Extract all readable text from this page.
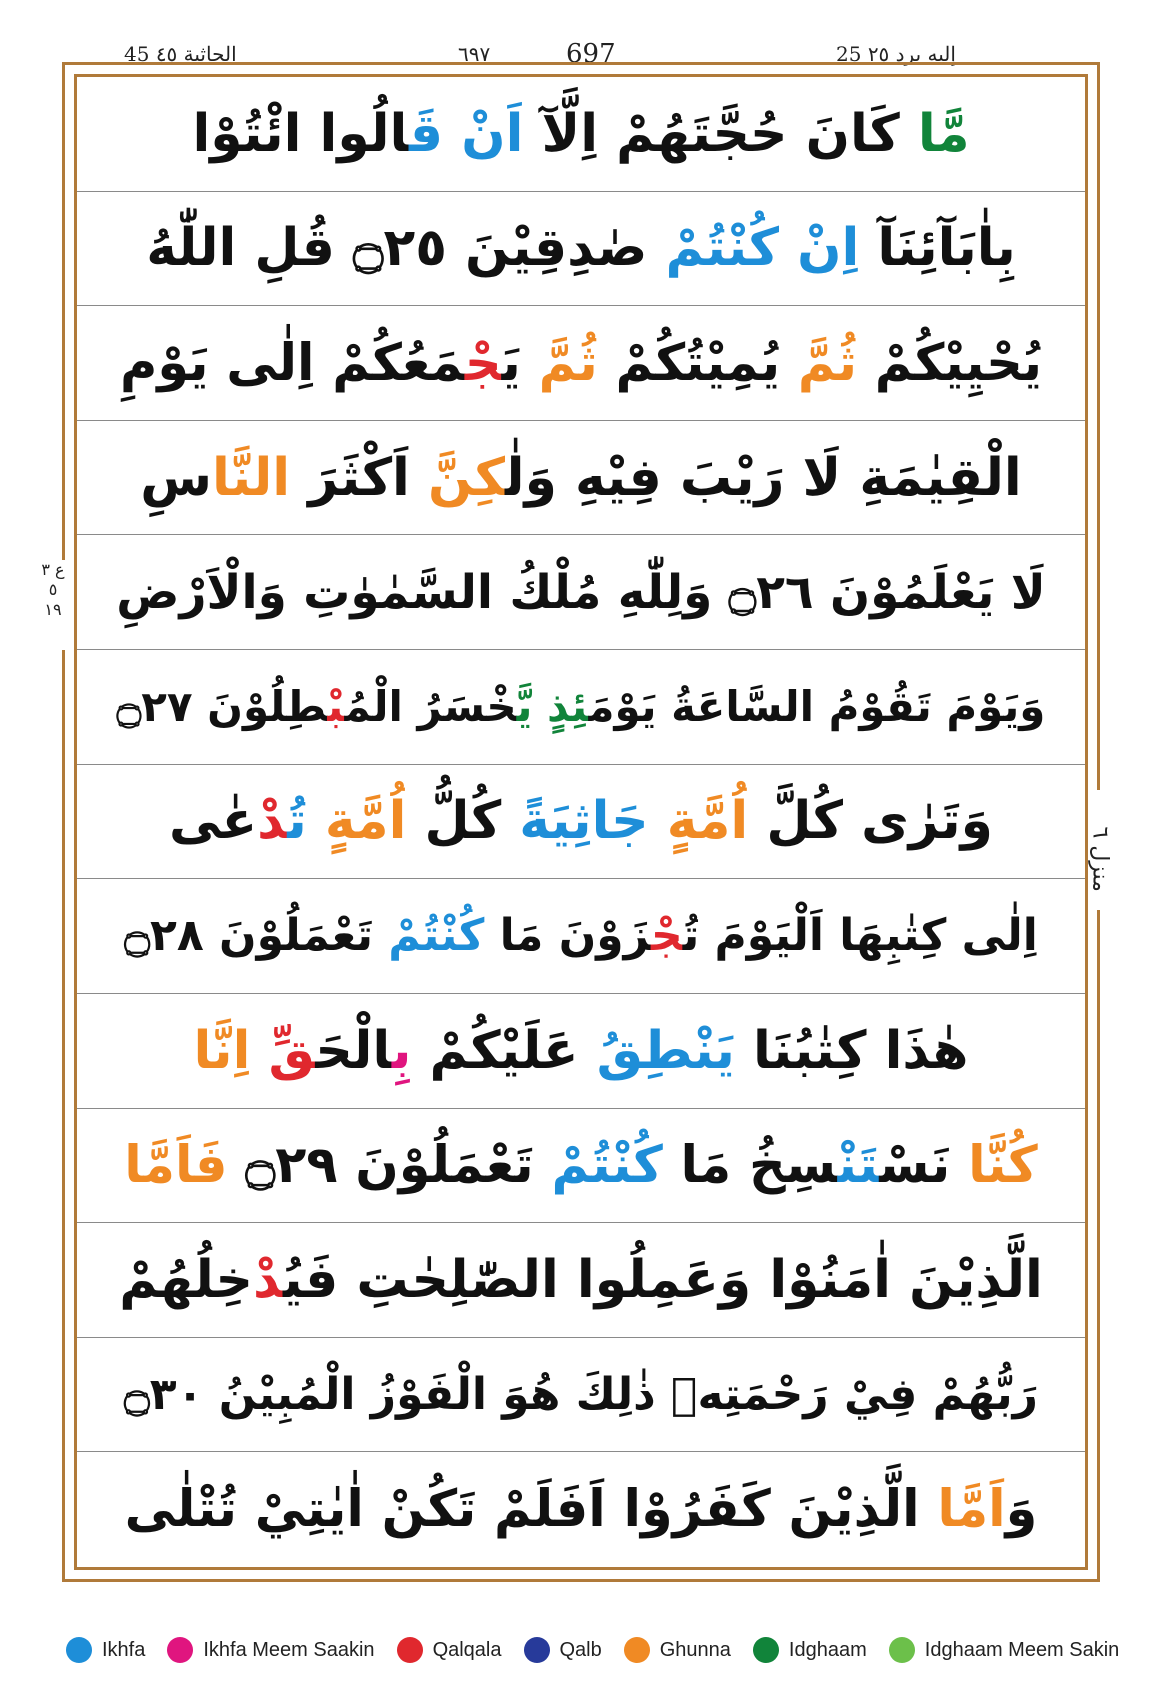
45 الجاثية ٤٥	٦٩٧	697	25 إليه يرد ٢٥
مَّا كَانَ حُجَّتَهُمْ اِلَّآ اَنْ قَالُوا ائْتُوْا
بِاٰبَآئِنَآ اِنْ كُنْتُمْ صٰدِقِيْنَ ۝٢٥ قُلِ اللّٰهُ
يُحْيِيْكُمْ ثُمَّ يُمِيْتُكُمْ ثُمَّ يَجْمَعُكُمْ اِلٰى يَوْمِ
الْقِيٰمَةِ لَا رَيْبَ فِيْهِ وَلٰكِنَّ اَكْثَرَ النَّاسِ
لَا يَعْلَمُوْنَ ۝٢٦ وَلِلّٰهِ مُلْكُ السَّمٰوٰتِ وَالْاَرْضِ
وَيَوْمَ تَقُوْمُ السَّاعَةُ يَوْمَئِذٍ يَّخْسَرُ الْمُبْطِلُوْنَ ۝٢٧
وَتَرٰى كُلَّ اُمَّةٍ جَاثِيَةً كُلُّ اُمَّةٍ تُدْعٰى
اِلٰى كِتٰبِهَا اَلْيَوْمَ تُجْزَوْنَ مَا كُنْتُمْ تَعْمَلُوْنَ ۝٢٨
هٰذَا كِتٰبُنَا يَنْطِقُ عَلَيْكُمْ بِالْحَقِّ اِنَّا
كُنَّا نَسْتَنْسِخُ مَا كُنْتُمْ تَعْمَلُوْنَ ۝٢٩ فَاَمَّا
الَّذِيْنَ اٰمَنُوْا وَعَمِلُوا الصّٰلِحٰتِ فَيُدْخِلُهُمْ
رَبُّهُمْ فِيْ رَحْمَتِهٖ ذٰلِكَ هُوَ الْفَوْزُ الْمُبِيْنُ ۝٣٠
وَاَمَّا الَّذِيْنَ كَفَرُوْا اَفَلَمْ تَكُنْ اٰيٰتِيْ تُتْلٰى
ع ٣ ٥ ١٩
منزل ٦
Ikhfa	Ikhfa Meem Saakin	Qalqala	Qalb	Ghunna	Idghaam	Idghaam Meem Sakin
